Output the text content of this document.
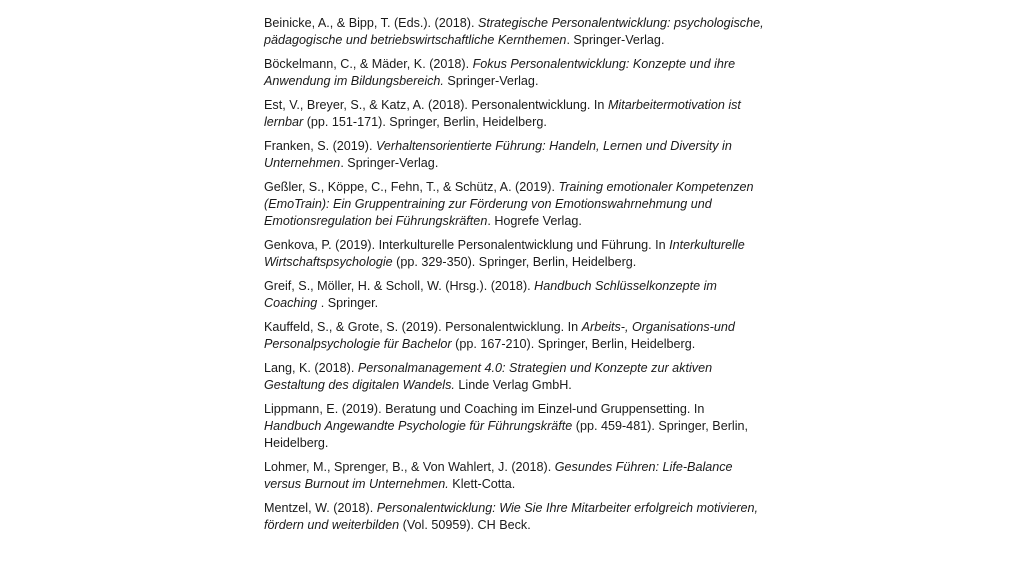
Beinicke, A., & Bipp, T. (Eds.). (2018). Strategische Personalentwicklung: psychologische, pädagogische und betriebswirtschaftliche Kernthemen. Springer-Verlag.
Böckelmann, C., & Mäder, K. (2018). Fokus Personalentwicklung: Konzepte und ihre Anwendung im Bildungsbereich. Springer-Verlag.
Est, V., Breyer, S., & Katz, A. (2018). Personalentwicklung. In Mitarbeitermotivation ist lernbar (pp. 151-171). Springer, Berlin, Heidelberg.
Franken, S. (2019). Verhaltensorientierte Führung: Handeln, Lernen und Diversity in Unternehmen. Springer-Verlag.
Geßler, S., Köppe, C., Fehn, T., & Schütz, A. (2019). Training emotionaler Kompetenzen (EmoTrain): Ein Gruppentraining zur Förderung von Emotionswahrnehmung und Emotionsregulation bei Führungskräften. Hogrefe Verlag.
Genkova, P. (2019). Interkulturelle Personalentwicklung und Führung. In Interkulturelle Wirtschaftspsychologie (pp. 329-350). Springer, Berlin, Heidelberg.
Greif, S., Möller, H. & Scholl, W. (Hrsg.). (2018). Handbuch Schlüsselkonzepte im Coaching . Springer.
Kauffeld, S., & Grote, S. (2019). Personalentwicklung. In Arbeits-, Organisations-und Personalpsychologie für Bachelor (pp. 167-210). Springer, Berlin, Heidelberg.
Lang, K. (2018). Personalmanagement 4.0: Strategien und Konzepte zur aktiven Gestaltung des digitalen Wandels. Linde Verlag GmbH.
Lippmann, E. (2019). Beratung und Coaching im Einzel-und Gruppensetting. In Handbuch Angewandte Psychologie für Führungskräfte (pp. 459-481). Springer, Berlin, Heidelberg.
Lohmer, M., Sprenger, B., & Von Wahlert, J. (2018). Gesundes Führen: Life-Balance versus Burnout im Unternehmen. Klett-Cotta.
Mentzel, W. (2018). Personalentwicklung: Wie Sie Ihre Mitarbeiter erfolgreich motivieren, fördern und weiterbilden (Vol. 50959). CH Beck.
